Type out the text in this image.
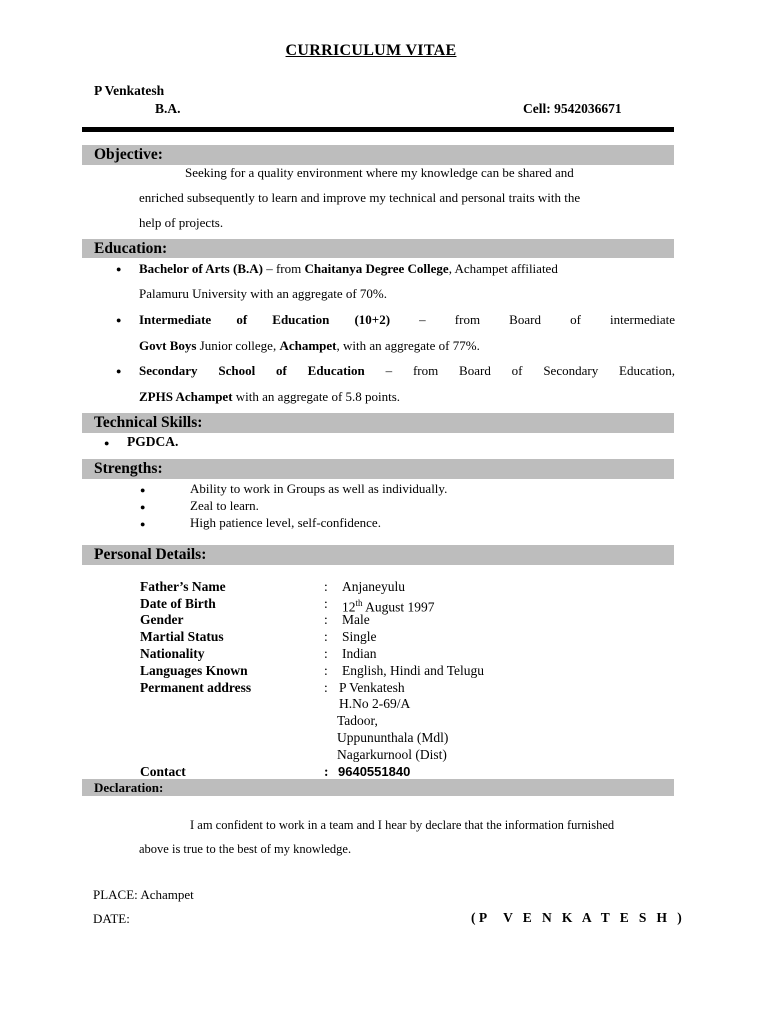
CURRICULUM VITAE
P Venkatesh
B.A.	Cell: 9542036671
Objective:
Seeking for a quality environment where my knowledge can be shared and
enriched subsequently to learn and improve my technical and personal traits with the
help of projects.
Education:
● Bachelor of Arts (B.A) – from Chaitanya Degree College, Achampet affiliated
Palamuru University with an aggregate of 70%.
● Intermediate of Education (10+2) – from Board of intermediate
Govt Boys Junior college, Achampet, with an aggregate of 77%.
● Secondary School of Education – from Board of Secondary Education,
ZPHS Achampet with an aggregate of 5.8 points.
Technical Skills:
● PGDCA.
Strengths:
●	Ability to work in Groups as well as individually.
●	Zeal to learn.
●	High patience level, self-confidence.
Personal Details:
Father’s Name	: Anjaneyulu
Date of Birth	: 12th August 1997
Gender	: Male
Martial Status	: Single
Nationality	: Indian
Languages Known	: English, Hindi and Telugu
Permanent address	: P Venkatesh
H.No 2-69/A
Tadoor,
Uppununthala (Mdl)
Nagarkurnool (Dist)
Contact	: 9640551840
Declaration:
I am confident to work in a team and I hear by declare that the information furnished
above is true to the best of my knowledge.
PLACE: Achampet
DATE:	(P  V E N K A T E S H )
